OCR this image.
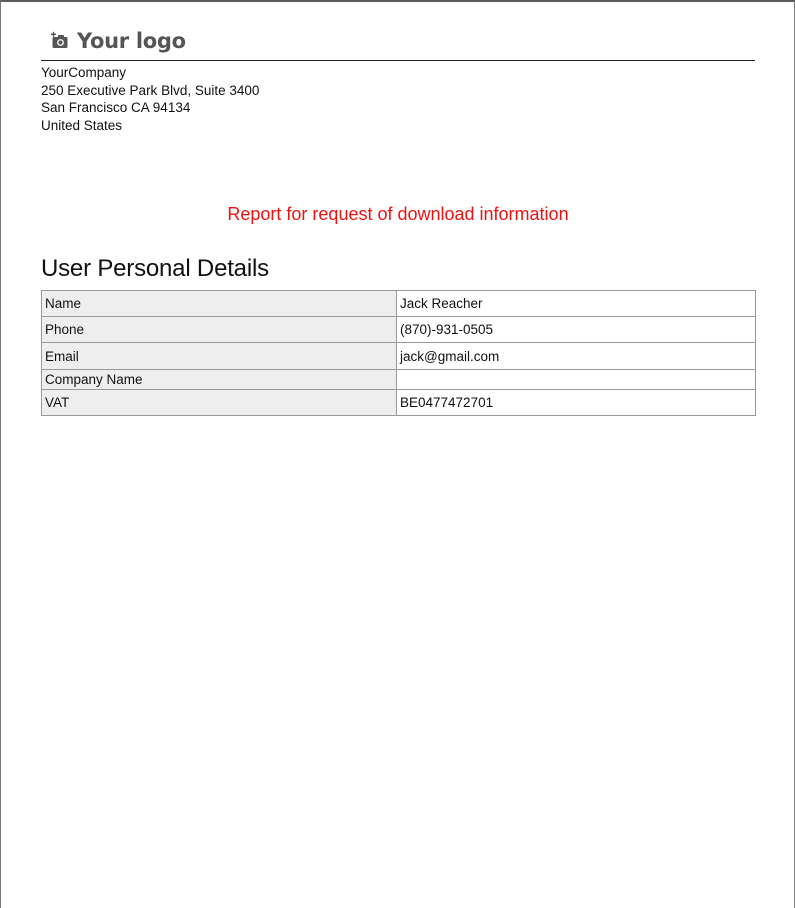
Your logo
YourCompany
250 Executive Park Blvd, Suite 3400
San Francisco CA 94134
United States
Report for request of download information
User Personal Details
Name	Jack Reacher
Phone	(870)-931-0505
Email	jack@gmail.com
Company Name	
VAT	BE0477472701
